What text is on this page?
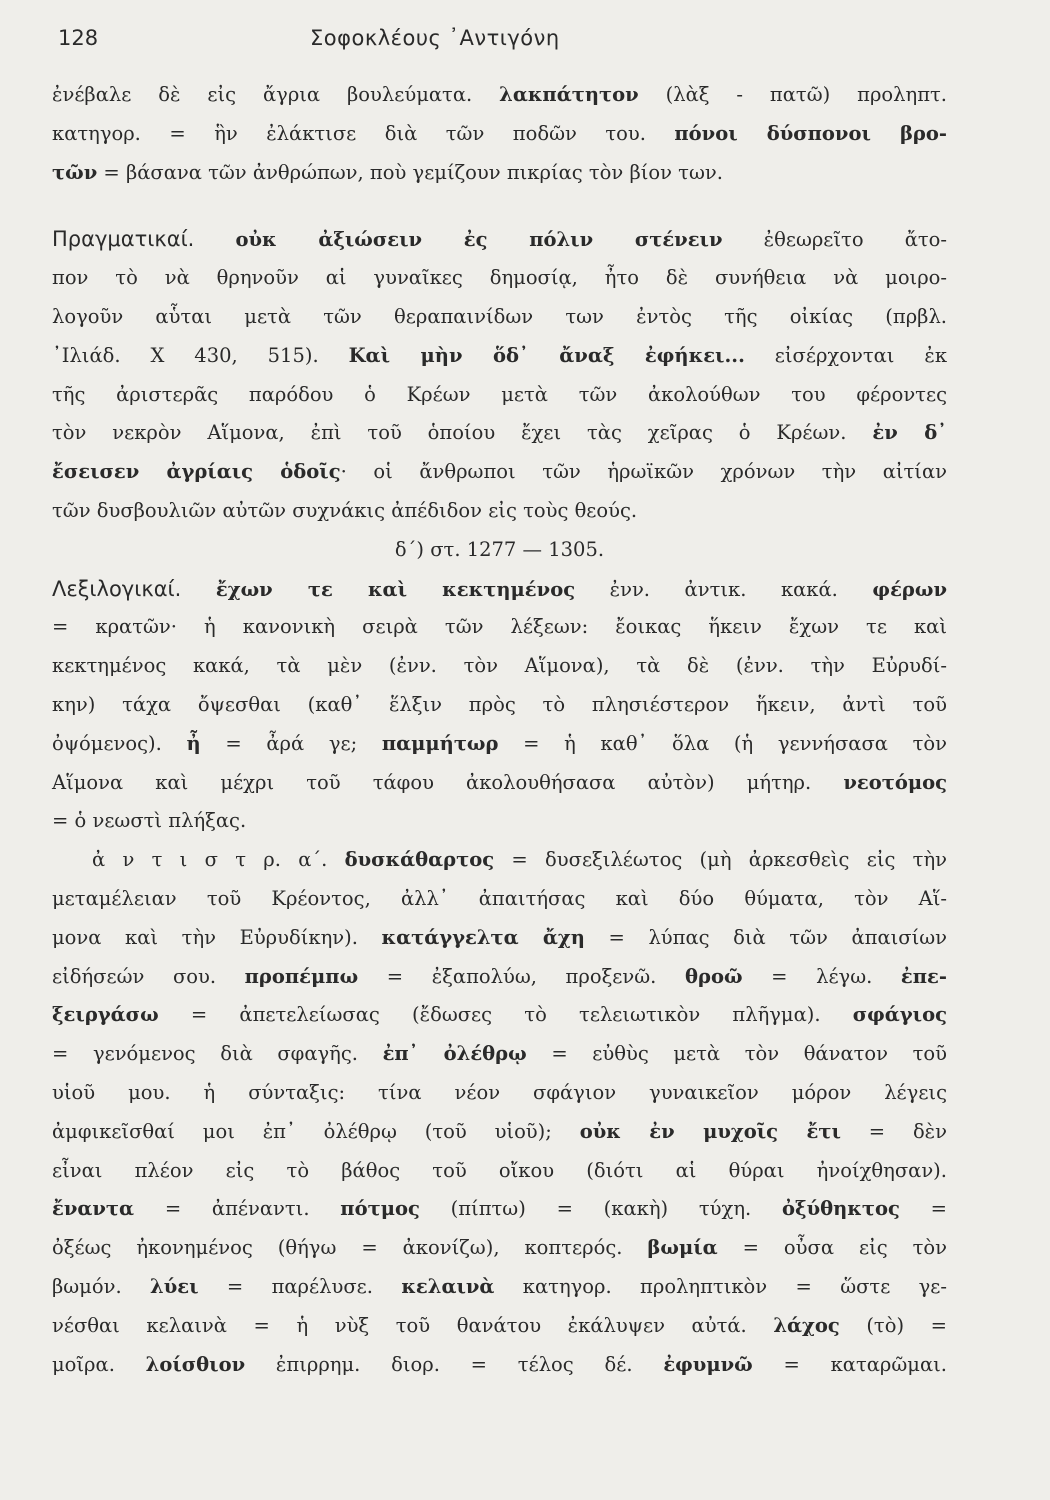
128	Σοφοκλέους ᾿Αντιγόνη
ἐνέβαλε δὲ εἰς ἄγρια βουλεύματα. λακπάτητον (λὰξ - πατῶ) προληπτ.
κατηγορ. = ἣν ἐλάκτισε διὰ τῶν ποδῶν του. πόνοι δύσπονοι βρο-
τῶν = βάσανα τῶν ἀνθρώπων, ποὺ γεμίζουν πικρίας τὸν βίον των.
Πραγματικαί. οὐκ ἀξιώσειν ἐς πόλιν στένειν ἐθεωρεῖτο ἄτο-
πον τὸ νὰ θρηνοῦν αἱ γυναῖκες δημοσίᾳ, ἦτο δὲ συνήθεια νὰ μοιρο-
λογοῦν αὗται μετὰ τῶν θεραπαινίδων των ἐντὸς τῆς οἰκίας (πρβλ.
᾿Ιλιάδ. Χ 430, 515). Καὶ μὴν ὅδ᾿ ἄναξ ἐφήκει... εἰσέρχονται ἐκ
τῆς ἀριστερᾶς παρόδου ὁ Κρέων μετὰ τῶν ἀκολούθων του φέροντες
τὸν νεκρὸν Αἵμονα, ἐπὶ τοῦ ὁποίου ἔχει τὰς χεῖρας ὁ Κρέων. ἐν δ᾿
ἔσεισεν ἀγρίαις ὁδοῖς· οἱ ἄνθρωποι τῶν ἡρωϊκῶν χρόνων τὴν αἰτίαν
τῶν δυσβουλιῶν αὐτῶν συχνάκις ἀπέδιδον εἰς τοὺς θεούς.
δ΄) στ. 1277 — 1305.
Λεξιλογικαί. ἔχων τε καὶ κεκτημένος ἐνν. ἀντικ. κακά. φέρων
= κρατῶν· ἡ κανονικὴ σειρὰ τῶν λέξεων: ἔοικας ἥκειν ἔχων τε καὶ
κεκτημένος κακά, τὰ μὲν (ἐνν. τὸν Αἵμονα), τὰ δὲ (ἐνν. τὴν Εὐρυδί-
κην) τάχα ὄψεσθαι (καθ᾿ ἕλξιν πρὸς τὸ πλησιέστερον ἥκειν, ἀντὶ τοῦ
ὀψόμενος). ἦ = ἆρά γε; παμμήτωρ = ἡ καθ᾿ ὅλα (ἡ γεννήσασα τὸν
Αἵμονα καὶ μέχρι τοῦ τάφου ἀκολουθήσασα αὐτὸν) μήτηρ. νεοτόμος
= ὁ νεωστὶ πλήξας.
ἀ ν τ ι σ τ ρ. α΄. δυσκάθαρτος = δυσεξιλέωτος (μὴ ἀρκεσθεὶς εἰς τὴν
μεταμέλειαν τοῦ Κρέοντος, ἀλλ᾿ ἀπαιτήσας καὶ δύο θύματα, τὸν Αἵ-
μονα καὶ τὴν Εὐρυδίκην). κατάγγελτα ἄχη = λύπας διὰ τῶν ἀπαισίων
εἰδήσεών σου. προπέμπω = ἐξαπολύω, προξενῶ. θροῶ = λέγω. ἐπε-
ξειργάσω = ἀπετελείωσας (ἔδωσες τὸ τελειωτικὸν πλῆγμα). σφάγιος
= γενόμενος διὰ σφαγῆς. ἐπ᾿ ὀλέθρῳ = εὐθὺς μετὰ τὸν θάνατον τοῦ
υἱοῦ μου. ἡ σύνταξις: τίνα νέον σφάγιον γυναικεῖον μόρον λέγεις
ἀμφικεῖσθαί μοι ἐπ᾿ ὀλέθρῳ (τοῦ υἱοῦ); οὐκ ἐν μυχοῖς ἔτι = δὲν
εἶναι πλέον εἰς τὸ βάθος τοῦ οἴκου (διότι αἱ θύραι ἠνοίχθησαν).
ἔναντα = ἀπέναντι. πότμος (πίπτω) = (κακὴ) τύχη. ὀξύθηκτος =
ὀξέως ἠκονημένος (θήγω = ἀκονίζω), κοπτερός. βωμία = οὖσα εἰς τὸν
βωμόν. λύει = παρέλυσε. κελαινὰ κατηγορ. προληπτικὸν = ὥστε γε-
νέσθαι κελαινὰ = ἡ νὺξ τοῦ θανάτου ἐκάλυψεν αὐτά. λάχος (τὸ) =
μοῖρα. λοίσθιον ἐπιρρημ. διορ. = τέλος δέ. ἐφυμνῶ = καταρῶμαι.
